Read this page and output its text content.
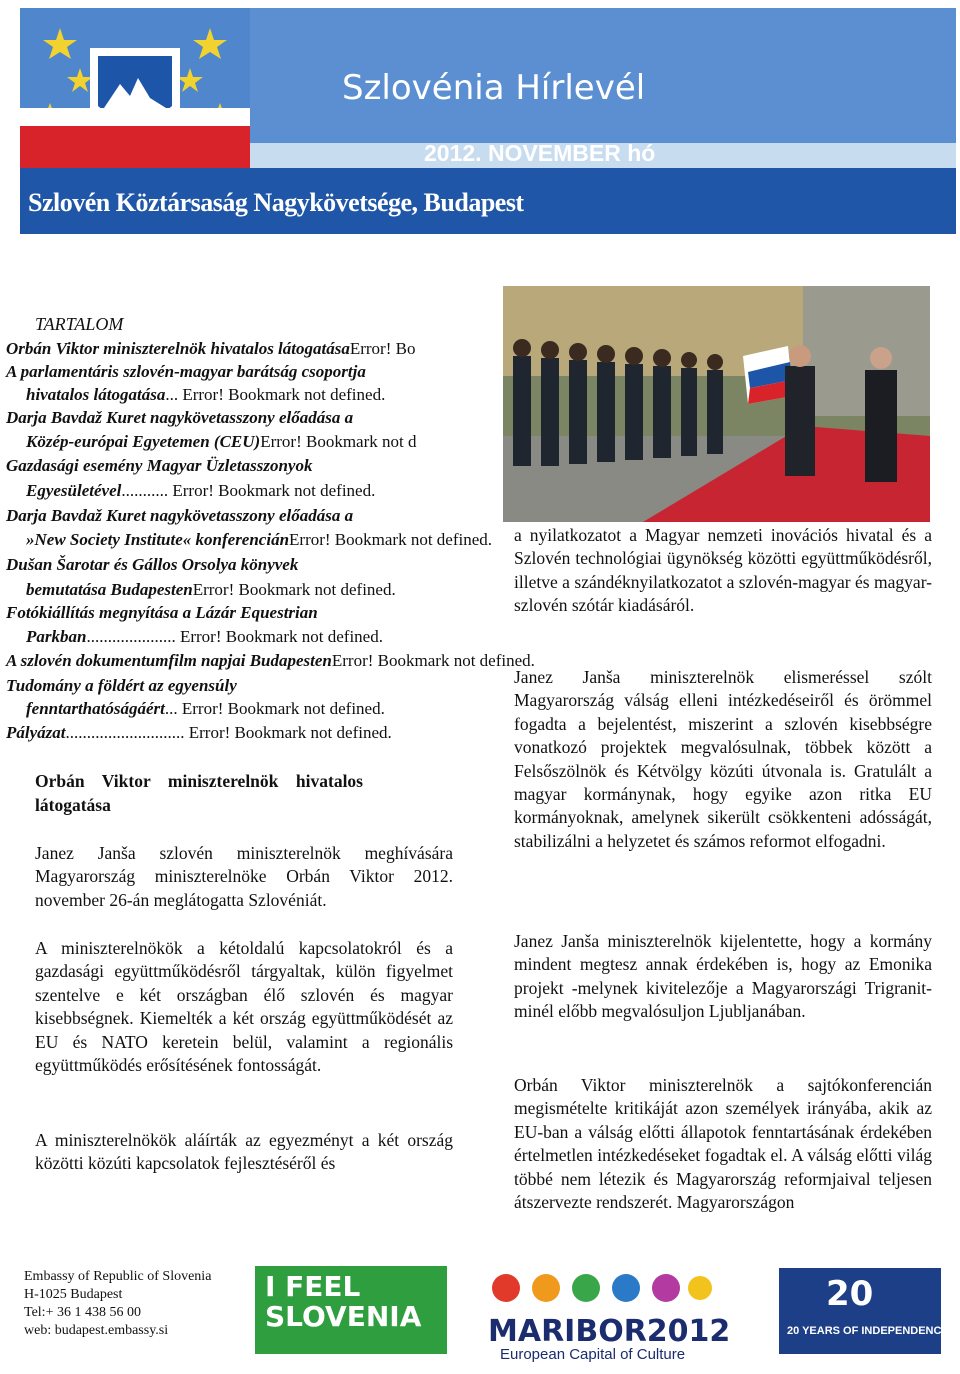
Szlovénia Hírlevél
2012. NOVEMBER hó
Szlovén Köztársaság Nagykövetsége, Budapest
TARTALOM
Orbán Viktor miniszterelnök hivatalos látogatásaError! Bo
A parlamentáris szlovén-magyar barátság csoportja
hivatalos látogatása... Error! Bookmark not defined.
Darja Bavdaž Kuret nagykövetasszony előadása a
Közép-európai Egyetemen (CEU)Error! Bookmark not d
Gazdasági esemény Magyar Üzletasszonyok
Egyesületével........... Error! Bookmark not defined.
Darja Bavdaž Kuret nagykövetasszony előadása a
»New Society Institute« konferenciánError! Bookmark not defined.
Dušan Šarotar és Gállos Orsolya könyvek
bemutatása BudapestenError! Bookmark not defined.
Fotókiállítás megnyítása a Lázár Equestrian
Parkban..................... Error! Bookmark not defined.
A szlovén dokumentumfilm napjai BudapestenError! Bookmark not defined.
Tudomány a földért az egyensúly
fenntarthatóságáért... Error! Bookmark not defined.
Pályázat............................ Error! Bookmark not defined.
Orbán    Viktor    miniszterelnök    hivatalos
látogatása
Janez Janša szlovén miniszterelnök meghívására Magyarország miniszterelnöke Orbán Viktor 2012. november 26-án meglátogatta Szlovéniát.
A miniszterelnökök a kétoldalú kapcsolatokról és a gazdasági együttműködésről tárgyaltak, külön figyelmet szentelve e két országban élő szlovén és magyar kisebbségnek. Kiemelték a két ország együttműködését az EU és NATO keretein belül, valamint a regionális együttműködés erősítésének fontosságát.
A miniszterelnökök aláírták az egyezményt a két ország közötti közúti kapcsolatok fejlesztéséről és
a nyilatkozatot a Magyar nemzeti inovációs hivatal és a Szlovén technológiai ügynökség közötti együttműködésről, illetve a szándéknyilatkozatot a szlovén-magyar és magyar-szlovén szótár kiadásáról.
Janez Janša miniszterelnök elismeréssel szólt Magyarország válság elleni intézkedéseiről és örömmel fogadta a bejelentést, miszerint a szlovén kisebbségre vonatkozó projektek megvalósulnak, többek között a Felsőszölnök és Kétvölgy közúti útvonala is. Gratulált a magyar kormánynak, hogy egyike azon ritka EU kormányoknak, amelynek sikerült csökkenteni adósságát, stabilizálni a helyzetet és számos reformot elfogadni.
Janez Janša miniszterelnök kijelentette, hogy a kormány mindent megtesz annak érdekében is, hogy az Emonika projekt -melynek kivitelezője a Magyarországi Trigranit- minél előbb megvalósuljon Ljubljanában.
Orbán Viktor miniszterelnök a sajtókonferencián megismételte kritikáját azon személyek irányába, akik az EU-ban a válság előtti állapotok fenntartásának érdekében értelmetlen intézkedéseket fogadtak el. A válság előtti világ többé nem létezik és Magyarország reformjaival teljesen átszervezte rendszerét. Magyarországon
Embassy of Republic of Slovenia
H-1025 Budapest
Tel:+ 36 1 438 56 00
web: budapest.embassy.si
I FEEL
SLOVENIA MARIBOR2012
European Capital of Culture
20
20 YEARS OF INDEPENDENCE
